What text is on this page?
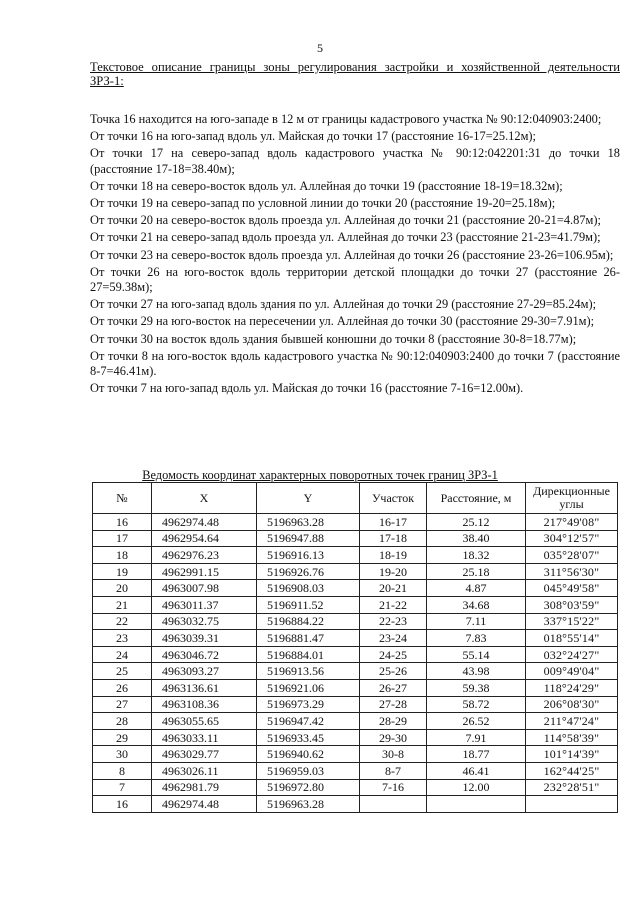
5
Текстовое описание границы зоны регулирования застройки и хозяйственной деятельности
ЗРЗ-1:

Точка 16 находится на юго-западе в 12 м от границы кадастрового участка № 90:12:040903:2400;

От точки 16 на юго-запад вдоль ул. Майская до точки 17 (расстояние 16-17=25.12м);

От точки 17 на северо-запад вдоль кадастрового участка № 90:12:042201:31 до точки 18 (расстояние 17-18=38.40м);

От точки 18 на северо-восток вдоль ул. Аллейная до точки 19 (расстояние 18-19=18.32м);

От точки 19 на северо-запад по условной линии до точки 20 (расстояние 19-20=25.18м);

От точки 20 на северо-восток вдоль проезда ул. Аллейная до точки 21 (расстояние 20-21=4.87м);

От точки 21 на северо-запад вдоль проезда ул. Аллейная до точки 23 (расстояние 21-23=41.79м);

От точки 23 на северо-восток вдоль проезда ул. Аллейная до точки 26 (расстояние 23-26=106.95м);

От точки 26 на юго-восток вдоль территории детской площадки до точки 27 (расстояние 26-27=59.38м);

От точки 27 на юго-запад вдоль здания по ул. Аллейная до точки 29 (расстояние 27-29=85.24м);

От точки 29 на юго-восток на пересечении ул. Аллейная до точки 30 (расстояние 29-30=7.91м);

От точки 30 на восток вдоль здания бывшей конюшни до точки 8 (расстояние 30-8=18.77м);

От точки 8 на юго-восток вдоль кадастрового участка № 90:12:040903:2400 до точки 7 (расстояние 8-7=46.41м).

От точки 7 на юго-запад вдоль ул. Майская до точки 16 (расстояние 7-16=12.00м).

Ведомость координат характерных поворотных точек границ ЗРЗ-1
№	X	Y	Участок	Расстояние, м	Дирекционные углы
16	4962974.48	5196963.28	16-17	25.12	217°49'08"
17	4962954.64	5196947.88	17-18	38.40	304°12'57"
18	4962976.23	5196916.13	18-19	18.32	035°28'07"
19	4962991.15	5196926.76	19-20	25.18	311°56'30"
20	4963007.98	5196908.03	20-21	4.87	045°49'58"
21	4963011.37	5196911.52	21-22	34.68	308°03'59"
22	4963032.75	5196884.22	22-23	7.11	337°15'22"
23	4963039.31	5196881.47	23-24	7.83	018°55'14"
24	4963046.72	5196884.01	24-25	55.14	032°24'27"
25	4963093.27	5196913.56	25-26	43.98	009°49'04"
26	4963136.61	5196921.06	26-27	59.38	118°24'29"
27	4963108.36	5196973.29	27-28	58.72	206°08'30"
28	4963055.65	5196947.42	28-29	26.52	211°47'24"
29	4963033.11	5196933.45	29-30	7.91	114°58'39"
30	4963029.77	5196940.62	30-8	18.77	101°14'39"
8	4963026.11	5196959.03	8-7	46.41	162°44'25"
7	4962981.79	5196972.80	7-16	12.00	232°28'51"
16	4962974.48	5196963.28			
